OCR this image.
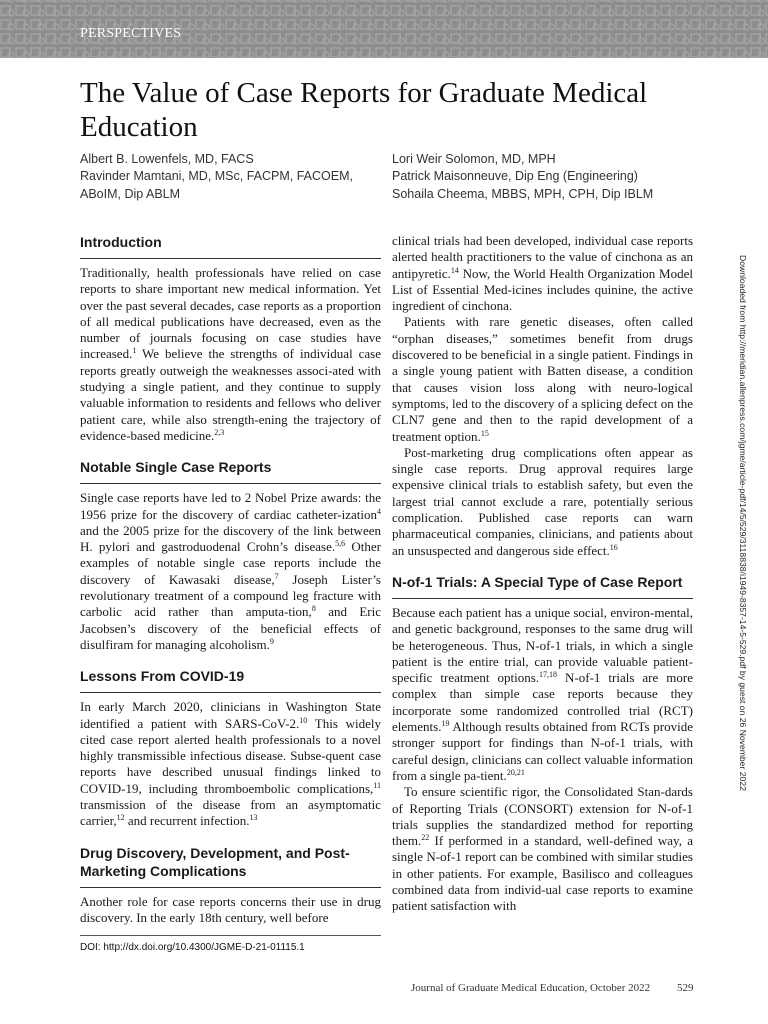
PERSPECTIVES
The Value of Case Reports for Graduate Medical Education
Albert B. Lowenfels, MD, FACS
Ravinder Mamtani, MD, MSc, FACPM, FACOEM,
ABoIM, Dip ABLM
Lori Weir Solomon, MD, MPH
Patrick Maisonneuve, Dip Eng (Engineering)
Sohaila Cheema, MBBS, MPH, CPH, Dip IBLM
Introduction

Traditionally, health professionals have relied on case reports to share important new medical information. Yet over the past several decades, case reports as a proportion of all medical publications have decreased, even as the number of journals focusing on case studies have increased.$^1$ We believe the strengths of individual case reports greatly outweigh the weaknesses associ-ated with studying a single patient, and they continue to supply valuable information to residents and fellows who deliver patient care, while also strength-ening the trajectory of evidence-based medicine.$^{2,3}$

Notable Single Case Reports

Single case reports have led to 2 Nobel Prize awards: the 1956 prize for the discovery of cardiac catheter-ization$^4$ and the 2005 prize for the discovery of the link between H. pylori and gastroduodenal Crohn’s disease.$^{5,6}$ Other examples of notable single case reports include the discovery of Kawasaki disease,$^7$ Joseph Lister’s revolutionary treatment of a compound leg fracture with carbolic acid rather than amputa-tion,$^8$ and Eric Jacobsen’s discovery of the beneficial effects of disulfiram for managing alcoholism.$^9$

Lessons From COVID-19

In early March 2020, clinicians in Washington State identified a patient with SARS-CoV-2.10 This widely cited case report alerted health professionals to a novel highly transmissible infectious disease. Subse-quent case reports have described unusual findings linked to COVID-19, including thromboembolic complications,$^{11}$ transmission of the disease from an asymptomatic carrier,$^{12}$ and recurrent infection.$^{13}$

Drug Discovery, Development, and Post-Marketing Complications

Another role for case reports concerns their use in drug discovery. In the early 18th century, well before

clinical trials had been developed, individual case reports alerted health practitioners to the value of cinchona as an antipyretic.$^{14}$ Now, the World Health Organization Model List of Essential Med-icines includes quinine, the active ingredient of cinchona.

Patients with rare genetic diseases, often called “orphan diseases,” sometimes benefit from drugs discovered to be beneficial in a single patient. Findings in a single young patient with Batten disease, a condition that causes vision loss along with neuro-logical symptoms, led to the discovery of a splicing defect on the CLN7 gene and then to the rapid development of a treatment option.$^{15}$

Post-marketing drug complications often appear as single case reports. Drug approval requires large expensive clinical trials to establish safety, but even the largest trial cannot exclude a rare, potentially serious complication. Published case reports can warn pharmaceutical companies, clinicians, and patients about an unsuspected and dangerous side effect.$^{16}$

N-of-1 Trials: A Special Type of Case Report

Because each patient has a unique social, environ-mental, and genetic background, responses to the same drug will be heterogeneous. Thus, N-of-1 trials, in which a single patient is the entire trial, can provide valuable patient-specific treatment options.$^{17,18}$ N-of-1 trials are more complex than simple case reports because they incorporate some randomized controlled trial (RCT) elements.$^{19}$ Although results obtained from RCTs provide stronger support for findings than N-of-1 trials, with careful design, clinicians can collect valuable information from a single pa-tient.$^{20,21}$

To ensure scientific rigor, the Consolidated Stan-dards of Reporting Trials (CONSORT) extension for N-of-1 trials supplies the standardized method for reporting them.$^{22}$ If performed in a standard, well-defined way, a single N-of-1 report can be combined with similar studies in other patients. For example, Basilisco and colleagues combined data from individ-ual case reports to examine patient satisfaction with

Downloaded from http://meridian.allenpress.com/jgme/article-pdf/14/5/529/3118838/i1949-8357-14-5-529.pdf by guest on 26 November 2022
DOI: http://dx.doi.org/10.4300/JGME-D-21-01115.1
Journal of Graduate Medical Education, October 2022 529
